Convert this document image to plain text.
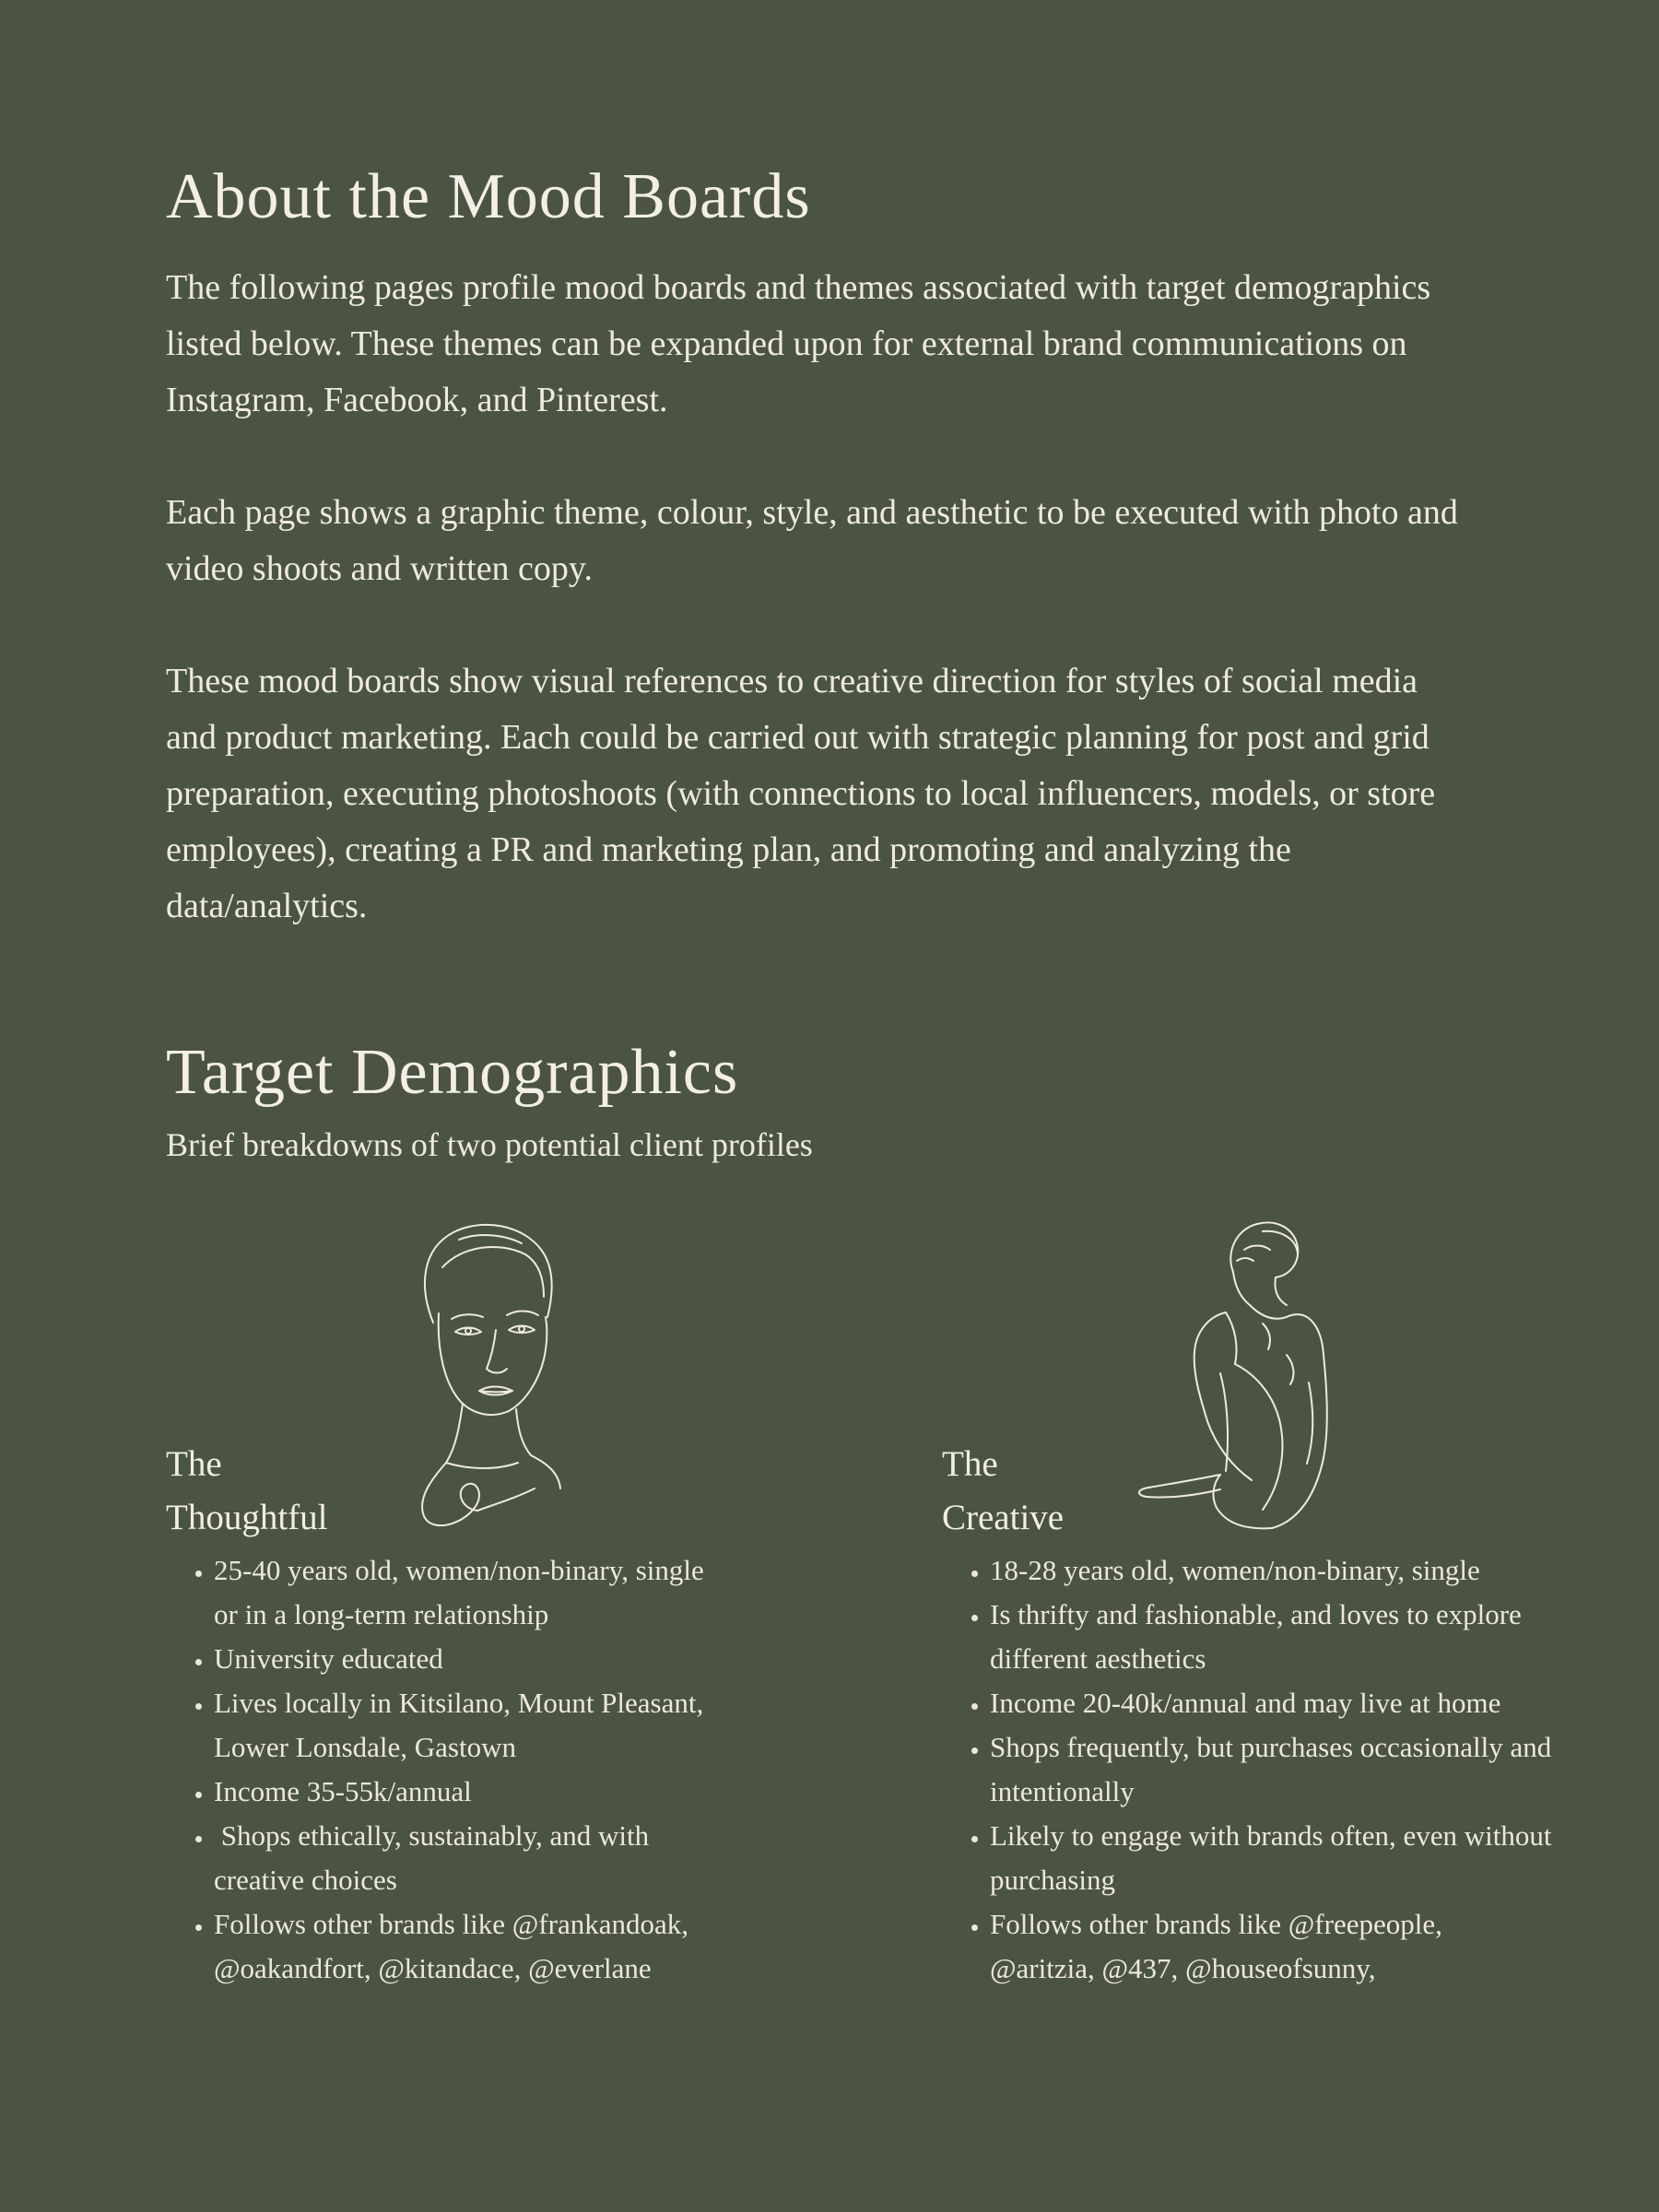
About the Mood Boards

The following pages profile mood boards and themes associated with target demographics listed below. These themes can be expanded upon for external brand communications on Instagram, Facebook, and Pinterest.

Each page shows a graphic theme, colour, style, and aesthetic to be executed with photo and video shoots and written copy.

These mood boards show visual references to creative direction for styles of social media and product marketing. Each could be carried out with strategic planning for post and grid preparation, executing photoshoots (with connections to local influencers, models, or store employees), creating a PR and marketing plan, and promoting and analyzing the data/analytics.

Target Demographics

Brief breakdowns of two potential client profiles

The
Thoughtful
• 25-40 years old, women/non-binary, single or in a long-term relationship
• University educated
• Lives locally in Kitsilano, Mount Pleasant, Lower Lonsdale, Gastown
• Income 35-55k/annual
•  Shops ethically, sustainably, and with creative choices
• Follows other brands like @frankandoak, @oakandfort, @kitandace, @everlane
The
Creative
• 18-28 years old, women/non-binary, single
• Is thrifty and fashionable, and loves to explore different aesthetics
• Income 20-40k/annual and may live at home
• Shops frequently, but purchases occasionally and intentionally
• Likely to engage with brands often, even without purchasing
• Follows other brands like @freepeople,  @aritzia, @437, @houseofsunny,
